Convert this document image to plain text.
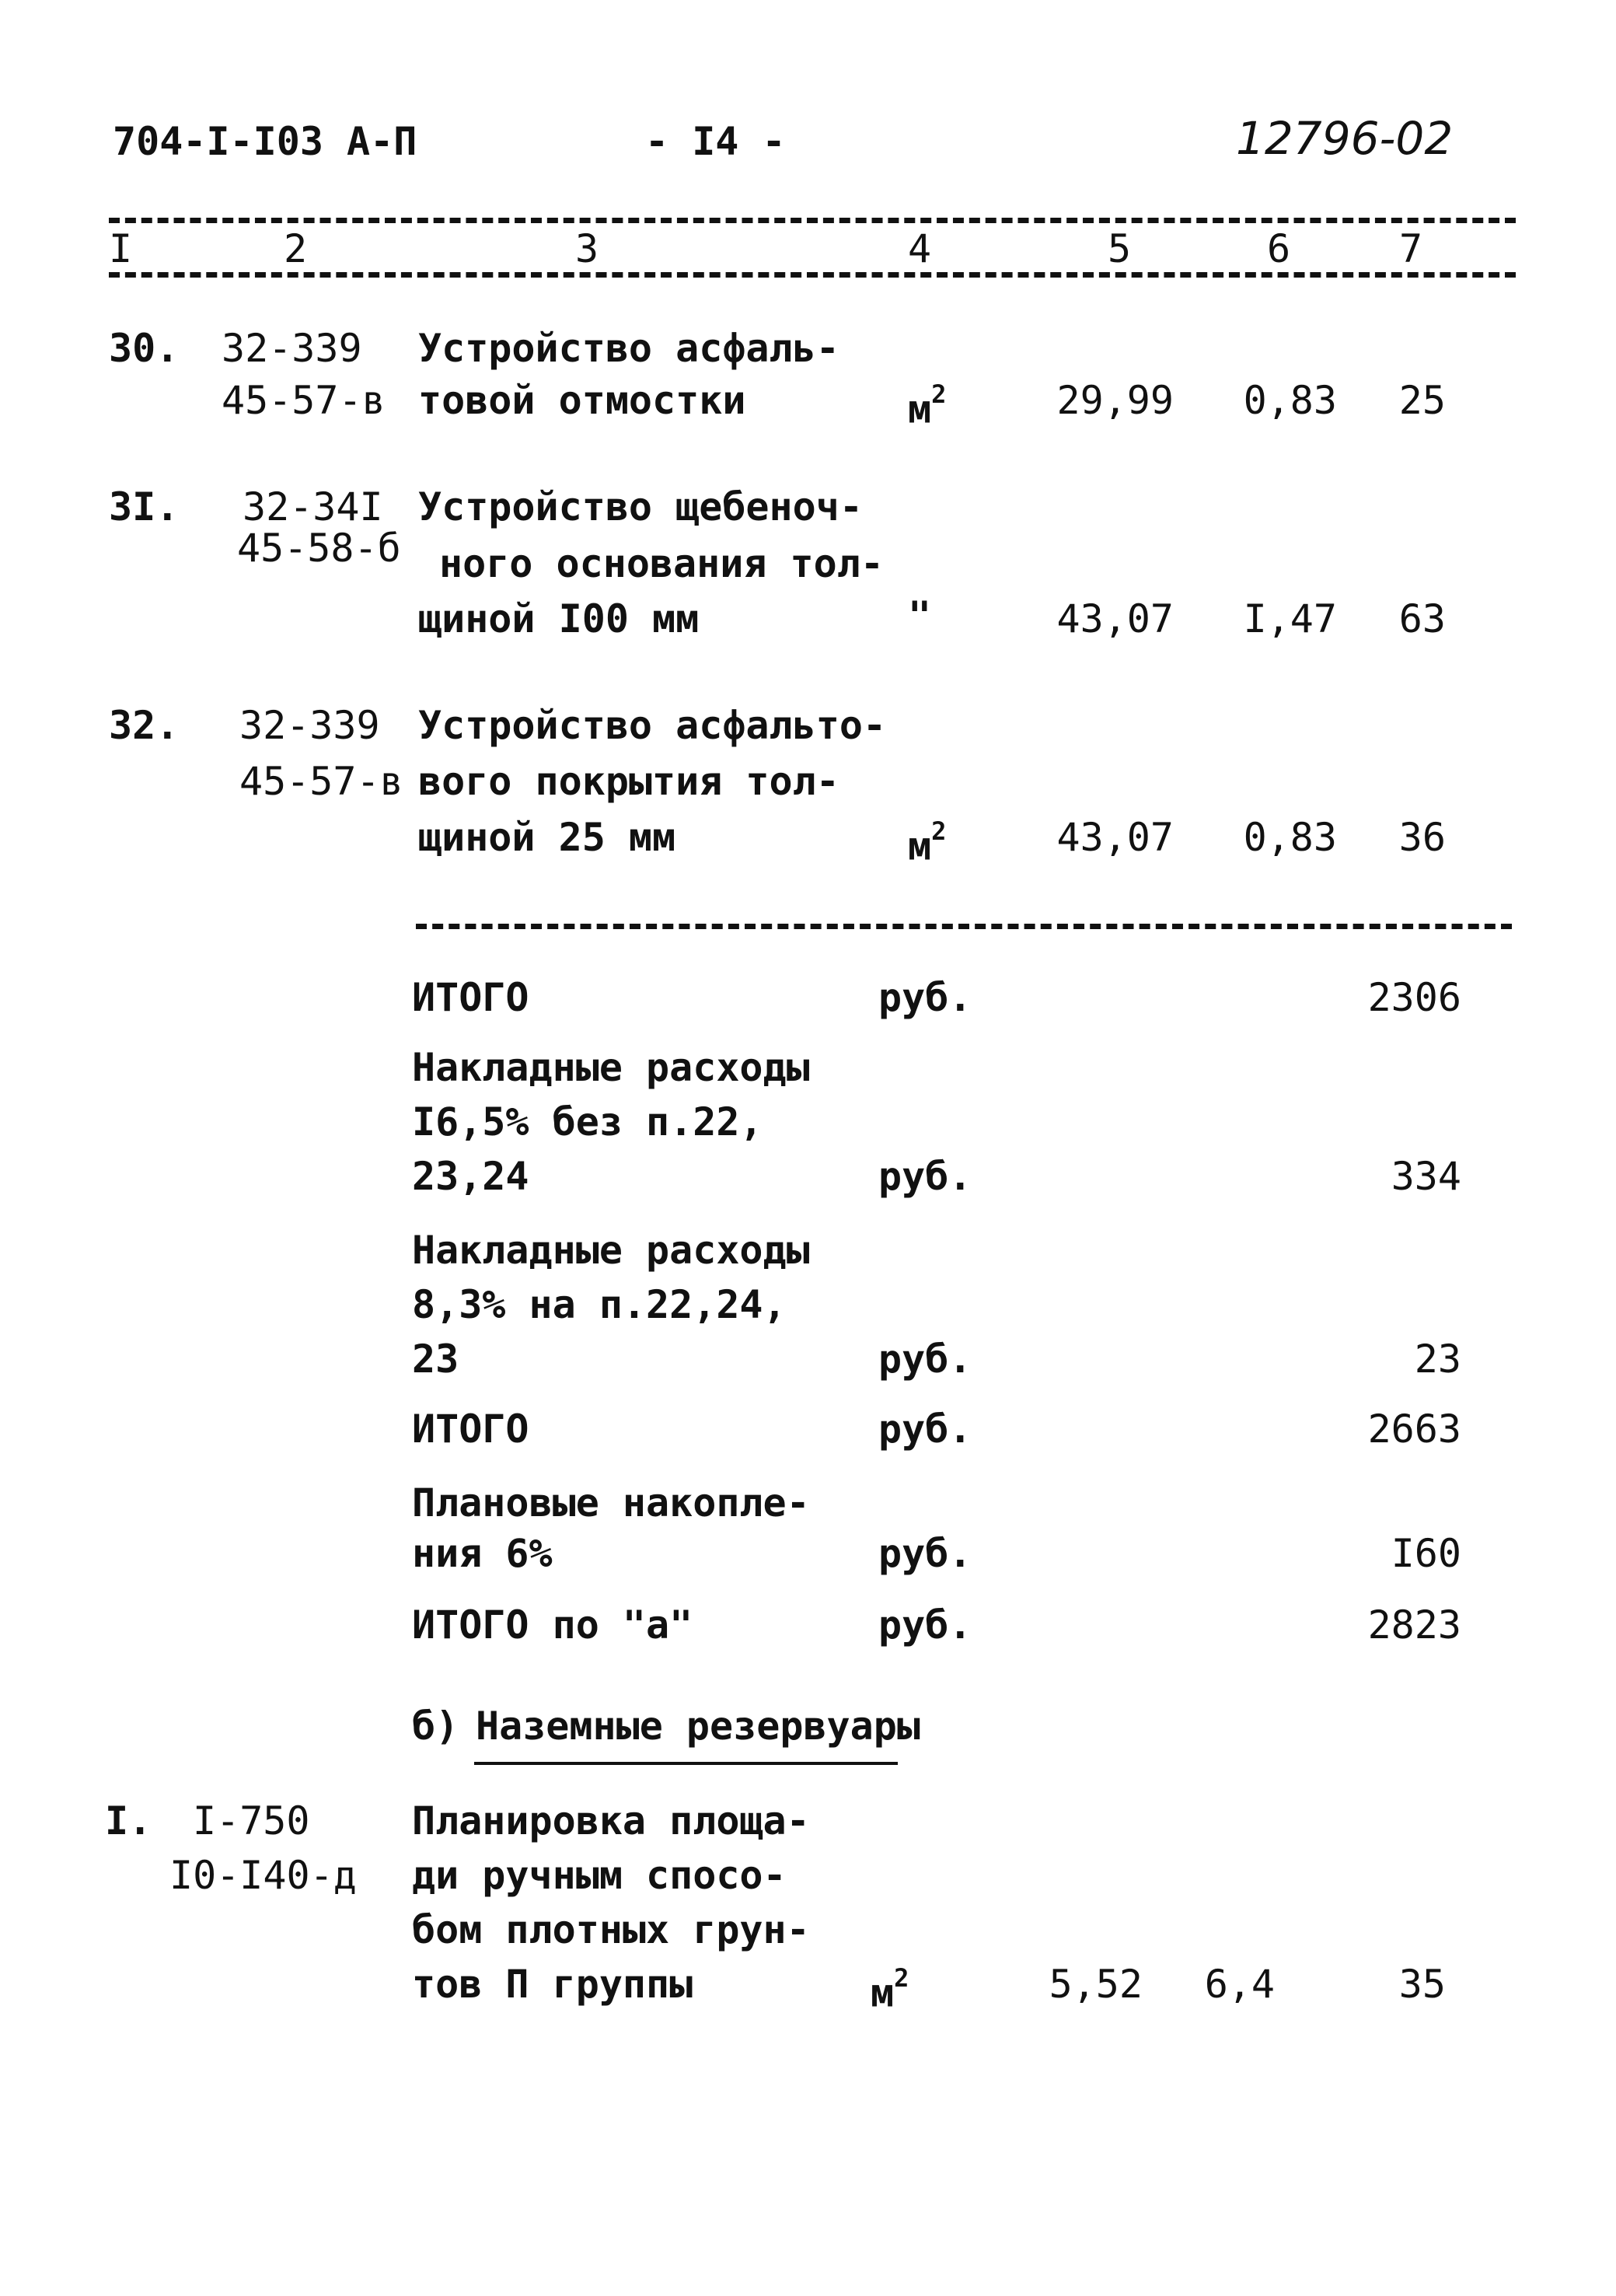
704-I-I03 А-П	- I4 -	12796-02
I	2	3	4	5	6	7
30. 32-339
45-57-в
Устройство асфаль-
товой отмостки	$м^2$	29,99	0,83	25
3I. 32-34I
45-58-б
Устройство щебеноч-
ного основания тол-
щиной I00 мм	"	43,07	I,47	63
32. 32-339
45-57-в
Устройство асфальто-
вого покрытия тол-
щиной 25 мм	$м^2$	43,07	0,83	36
ИТОГО	руб.	2306
Накладные расходы
I6,5% без п.22,
23,24	руб.	334
Накладные расходы
8,3% на п.22,24,
23	руб.	23
ИТОГО	руб.	2663
Плановые накопле-
ния 6%	руб.	I60
ИТОГО по "а"	руб.	2823
б) Наземные резервуары
I. I-750
I0-I40-д
Планировка площа-
ди ручным спосо-
бом плотных грун-
тов П группы	$м^2$	5,52	6,4	35
